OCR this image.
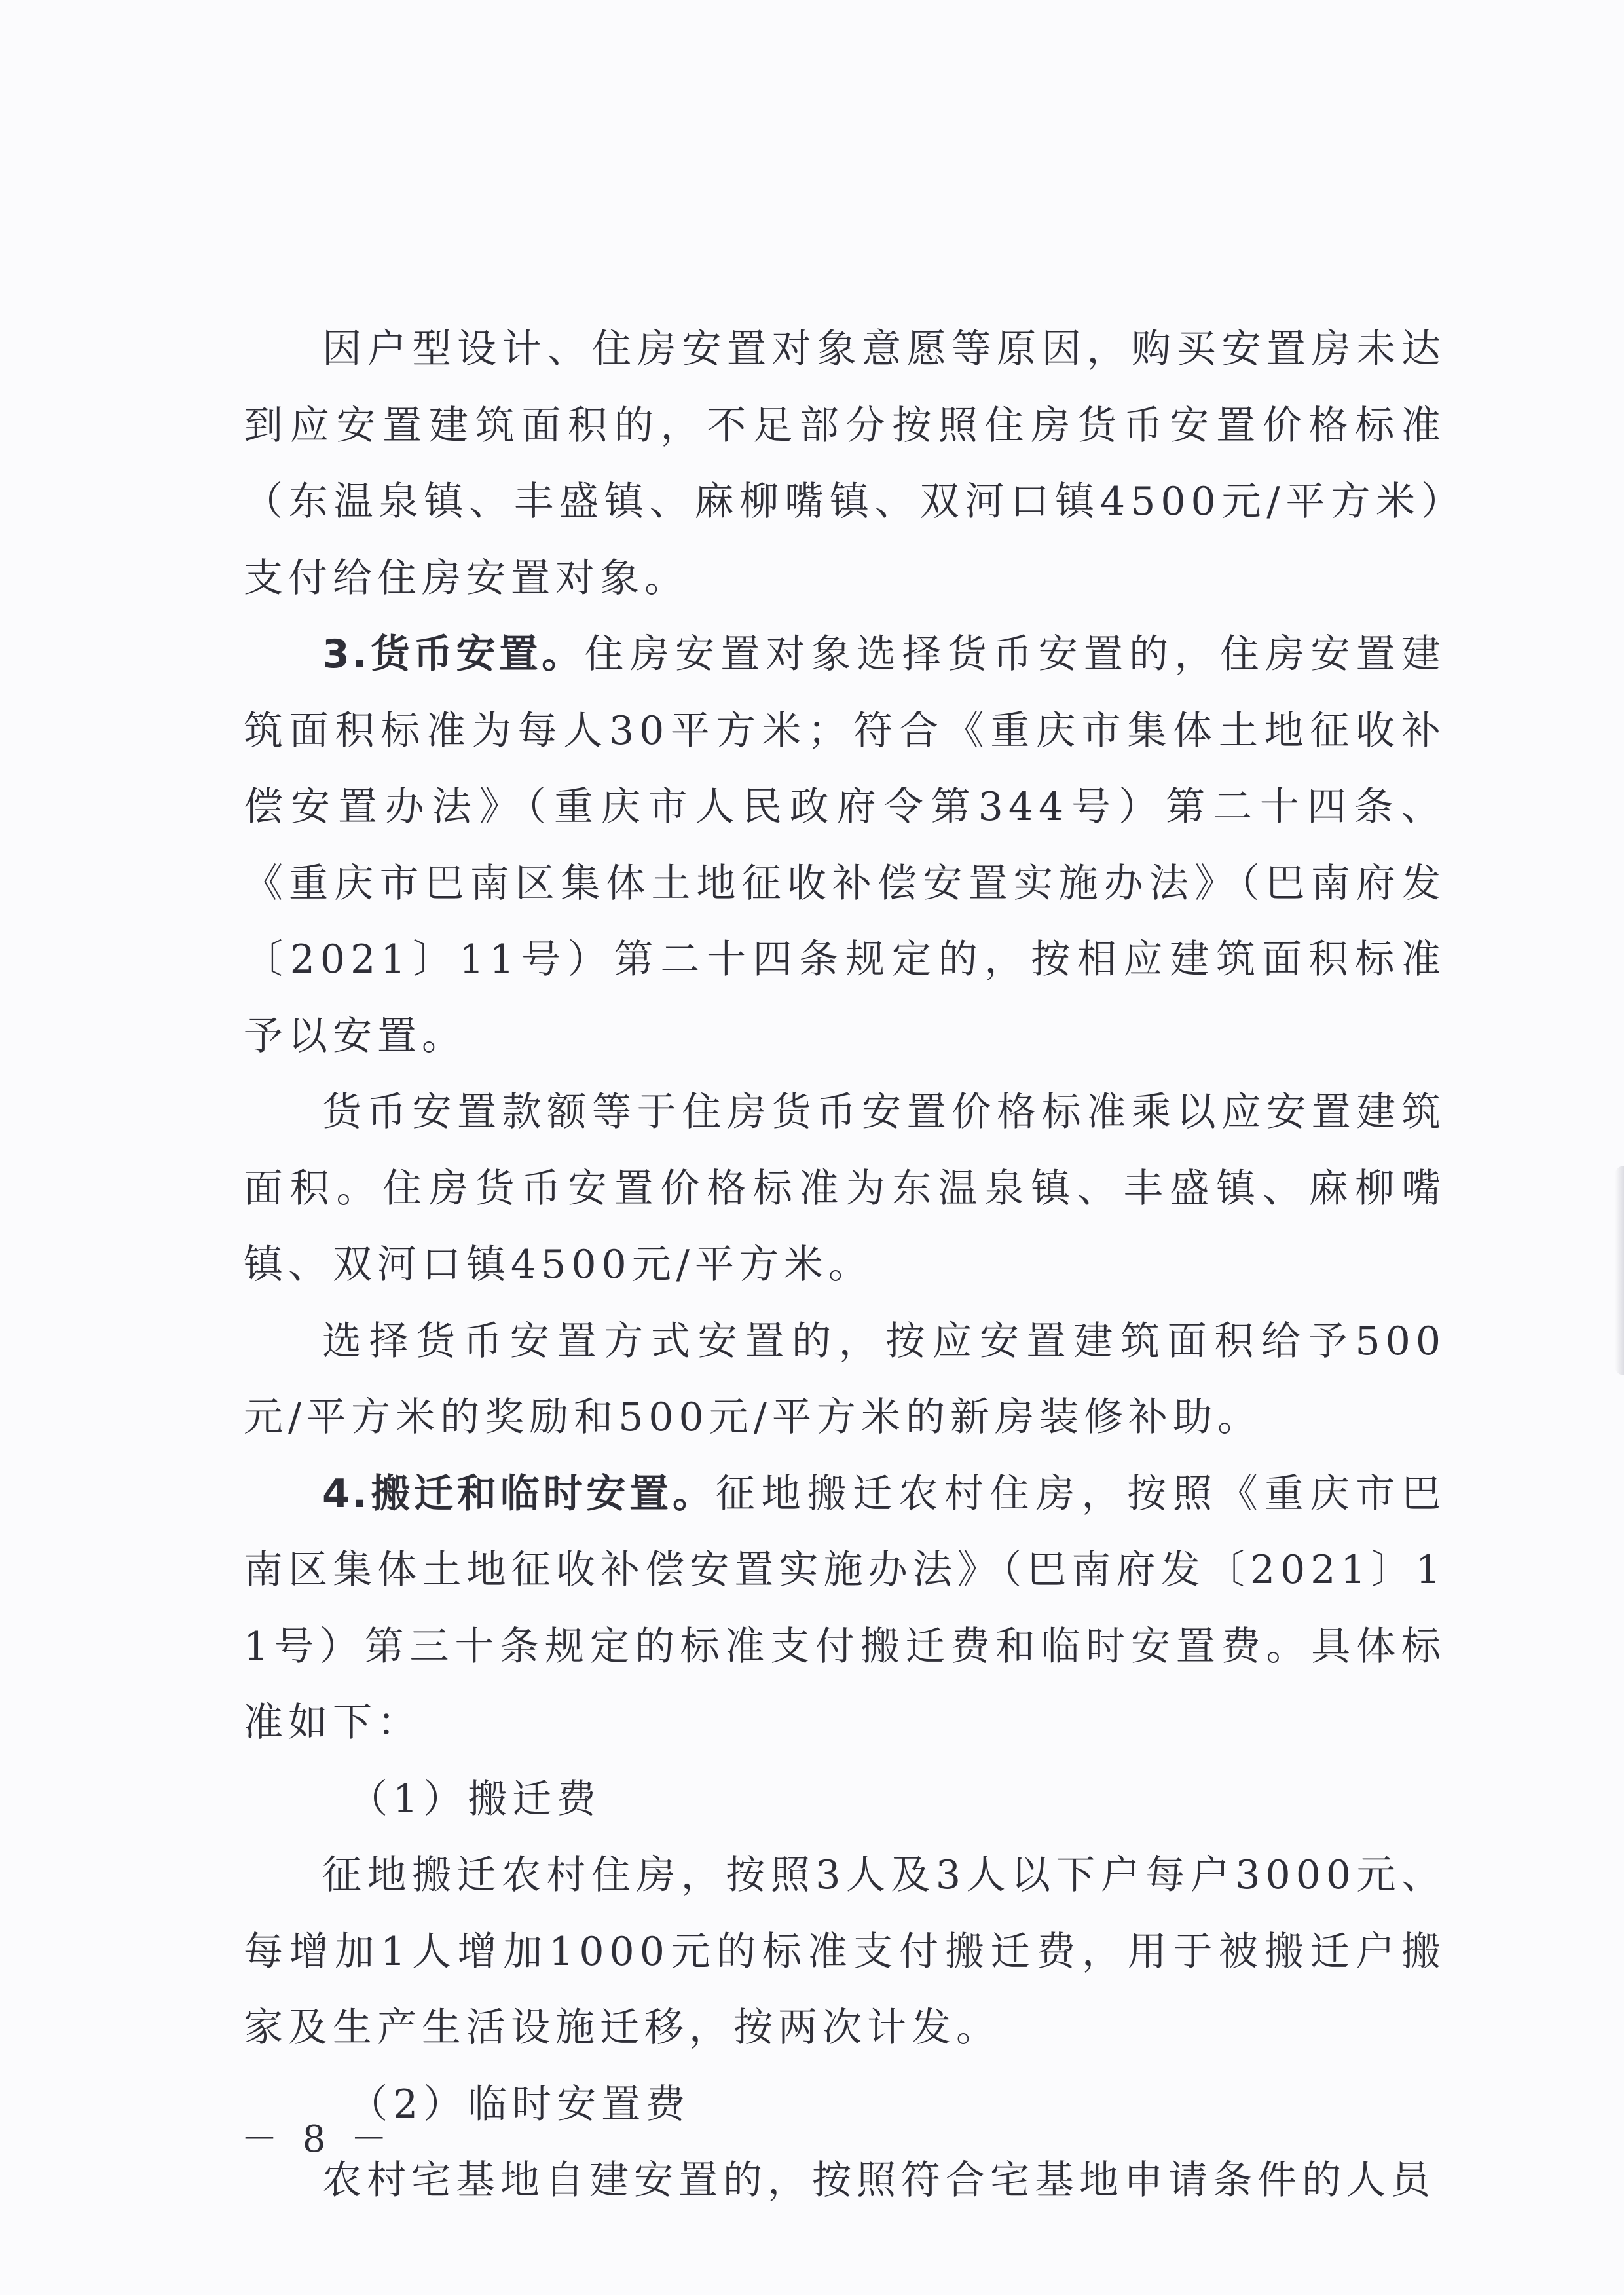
因户型设计、住房安置对象意愿等原因，购买安置房未达到应安置建筑面积的，不足部分按照住房货币安置价格标准（东温泉镇、丰盛镇、麻柳嘴镇、双河口镇4500元/平方米）支付给住房安置对象。

3.货币安置。住房安置对象选择货币安置的，住房安置建筑面积标准为每人30平方米；符合《重庆市集体土地征收补偿安置办法》（重庆市人民政府令第344号）第二十四条、《重庆市巴南区集体土地征收补偿安置实施办法》（巴南府发〔2021〕11号）第二十四条规定的，按相应建筑面积标准予以安置。

货币安置款额等于住房货币安置价格标准乘以应安置建筑面积。住房货币安置价格标准为东温泉镇、丰盛镇、麻柳嘴镇、双河口镇4500元/平方米。

选择货币安置方式安置的，按应安置建筑面积给予500元/平方米的奖励和500元/平方米的新房装修补助。

4.搬迁和临时安置。征地搬迁农村住房，按照《重庆市巴南区集体土地征收补偿安置实施办法》（巴南府发〔2021〕11号）第三十条规定的标准支付搬迁费和临时安置费。具体标准如下：

（1）搬迁费

征地搬迁农村住房，按照3人及3人以下户每户3000元、每增加1人增加1000元的标准支付搬迁费，用于被搬迁户搬家及生产生活设施迁移，按两次计发。

（2）临时安置费

农村宅基地自建安置的，按照符合宅基地申请条件的人员

－ 8 －
